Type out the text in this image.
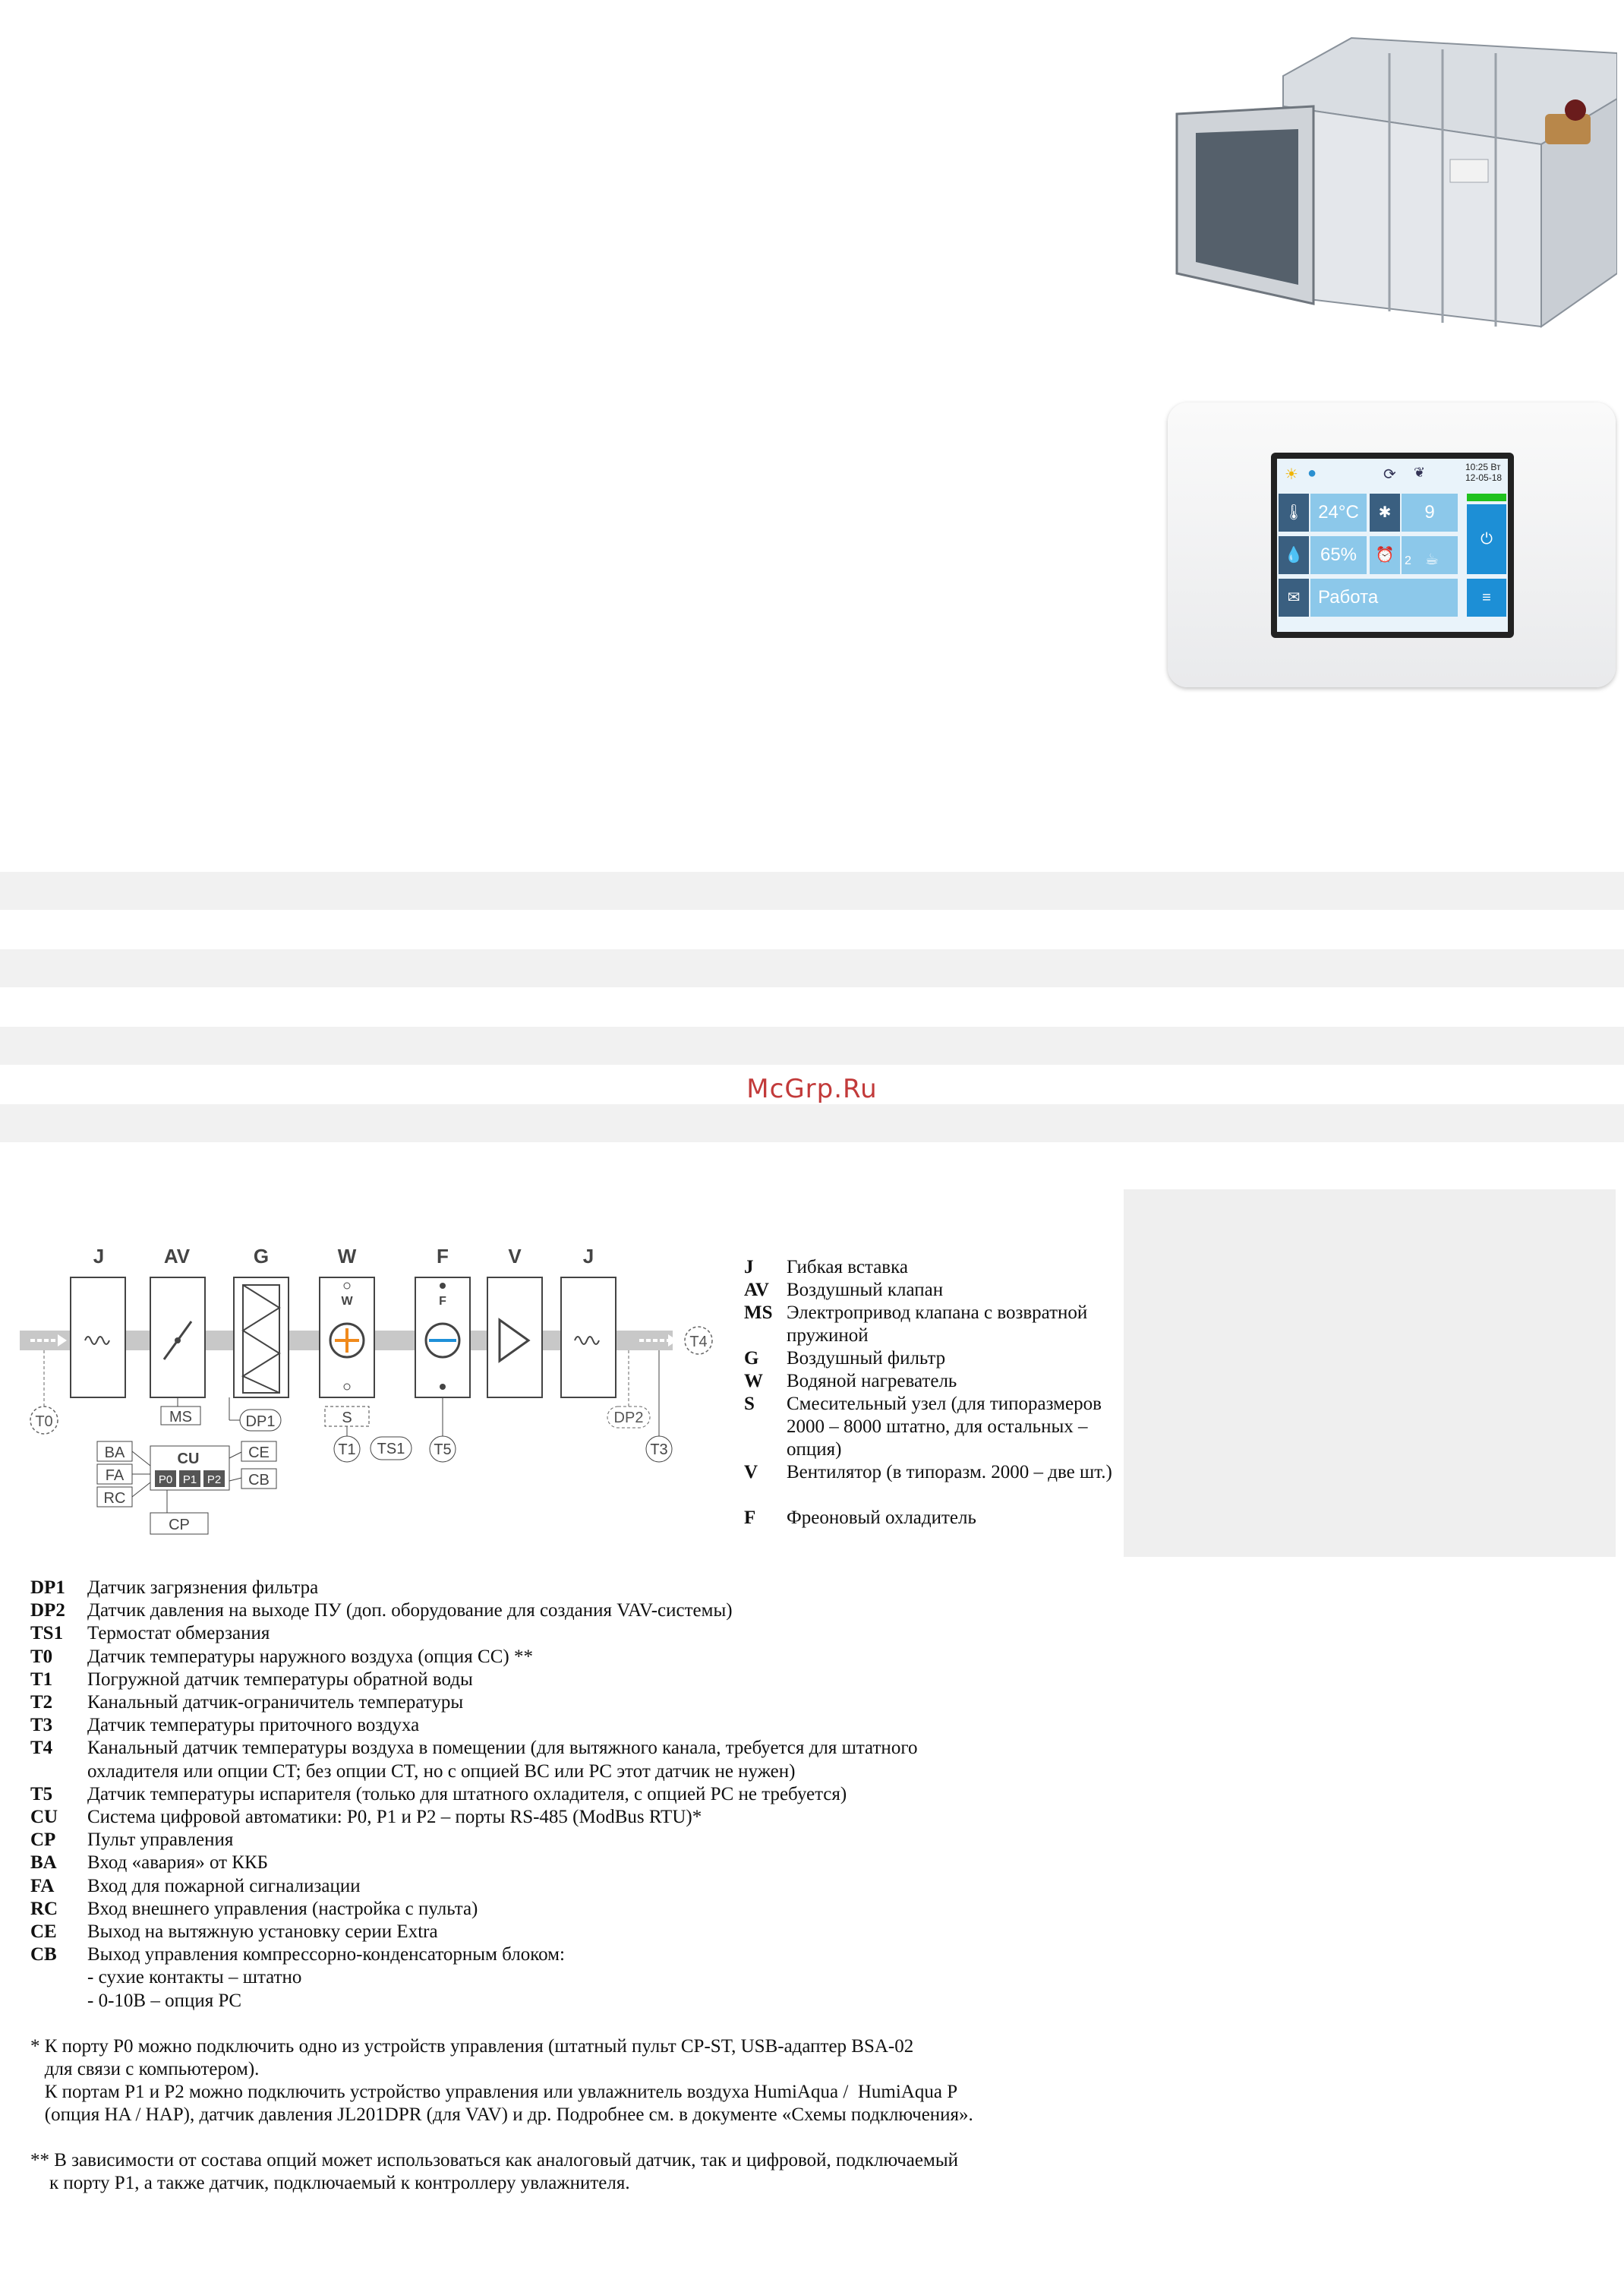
☀ ●	⟳ ❦	10:25 Вт
12-05-18
🌡 24°C	✱	9
💧 65%	⏰ 2 ☕
✉ Работа
⏻
≡
McGrp.Ru
J	AV	G	W	F	V	J
W	F
T0
T4
MS	DP1	S
T1 TS1 T5
DP2
T3
BA
FA
RC
CU
P0 P1 P2
CE
CB
CP
J Гибкая вставка
AV Воздушный клапан
MS Электропривод клапана с возвратной пружиной
G Воздушный фильтр
W Водяной нагреватель
S Смесительный узел (для типоразмеров 2000 – 8000 штатно, для остальных – опция)
V Вентилятор (в типоразм. 2000 – две шт.)
F Фреоновый охладитель
DP1	Датчик загрязнения фильтра
DP2	Датчик давления на выходе ПУ (доп. оборудование для создания VAV-системы)
TS1	Термостат обмерзания
T0	Датчик температуры наружного воздуха (опция CC) **
T1	Погружной датчик температуры обратной воды
T2	Канальный датчик-ограничитель температуры
T3	Датчик температуры приточного воздуха
T4	Канальный датчик температуры воздуха в помещении (для вытяжного канала, требуется для штатного
охладителя или опции CT; без опции CT, но с опцией BC или PC этот датчик не нужен)
T5	Датчик температуры испарителя (только для штатного охладителя, с опцией PC не требуется)
CU	Система цифровой автоматики: P0, P1 и P2 – порты RS-485 (ModBus RTU)*
CP	Пульт управления
BA	Вход «авария» от ККБ
FA	Вход для пожарной сигнализации
RC	Вход внешнего управления (настройка с пульта)
CE	Выход на вытяжную установку серии Extra
CB	Выход управления компрессорно-конденсаторным блоком:
- сухие контакты – штатно
- 0-10В – опция PC
* К порту P0 можно подключить одно из устройств управления (штатный пульт CP-ST, USB-адаптер BSA-02
для связи с компьютером).
К портам P1 и P2 можно подключить устройство управления или увлажнитель воздуха HumiAqua /  HumiAqua P
(опция HA / HAP), датчик давления JL201DPR (для VAV) и др. Подробнее см. в документе «Схемы подключения».
** В зависимости от состава опций может использоваться как аналоговый датчик, так и цифровой, подключаемый
к порту P1, а также датчик, подключаемый к контроллеру увлажнителя.
